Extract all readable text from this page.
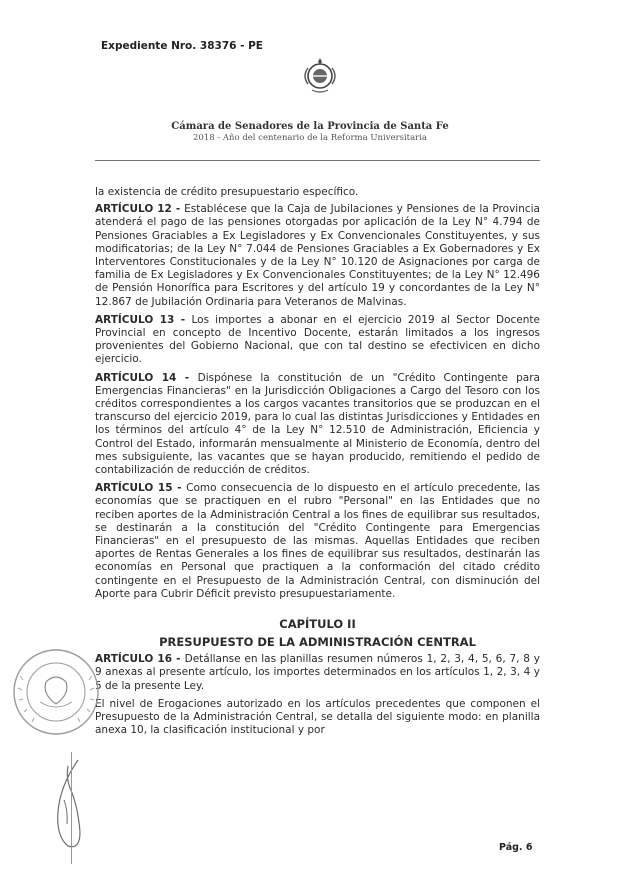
Expediente Nro. 38376 - PE
Cámara de Senadores de la Provincia de Santa Fe
2018 - Año del centenario de la Reforma Universitaria

la existencia de crédito presupuestario específico.

ARTÍCULO 12 - Establécese que la Caja de Jubilaciones y Pensiones de la Provincia atenderá el pago de las pensiones otorgadas por aplicación de la Ley N° 4.794 de Pensiones Graciables a Ex Legisladores y Ex Convencionales Constituyentes, y sus modificatorias; de la Ley N° 7.044 de Pensiones Graciables a Ex Gobernadores y Ex Interventores Constitucionales y de la Ley N° 10.120 de Asignaciones por carga de familia de Ex Legisladores y Ex Convencionales Constituyentes; de la Ley N° 12.496 de Pensión Honorífica para Escritores y del artículo 19 y concordantes de la Ley N° 12.867 de Jubilación Ordinaria para Veteranos de Malvinas.

ARTÍCULO 13 - Los importes a abonar en el ejercicio 2019 al Sector Docente Provincial en concepto de Incentivo Docente, estarán limitados a los ingresos provenientes del Gobierno Nacional, que con tal destino se efectivicen en dicho ejercicio.

ARTÍCULO 14 - Dispónese la constitución de un "Crédito Contingente para Emergencias Financieras" en la Jurisdicción Obligaciones a Cargo del Tesoro con los créditos correspondientes a los cargos vacantes transitorios que se produzcan en el transcurso del ejercicio 2019, para lo cual las distintas Jurisdicciones y Entidades en los términos del artículo 4° de la Ley N° 12.510 de Administración, Eficiencia y Control del Estado, informarán mensualmente al Ministerio de Economía, dentro del mes subsiguiente, las vacantes que se hayan producido, remitiendo el pedido de contabilización de reducción de créditos.

ARTÍCULO 15 - Como consecuencia de lo dispuesto en el artículo precedente, las economías que se practiquen en el rubro "Personal" en las Entidades que no reciben aportes de la Administración Central a los fines de equilibrar sus resultados, se destinarán a la constitución del "Crédito Contingente para Emergencias Financieras" en el presupuesto de las mismas. Aquellas Entidades que reciben aportes de Rentas Generales a los fines de equilibrar sus resultados, destinarán las economías en Personal que practiquen a la conformación del citado crédito contingente en el Presupuesto de la Administración Central, con disminución del Aporte para Cubrir Déficit previsto presupuestariamente.

CAPÍTULO II
PRESUPUESTO DE LA ADMINISTRACIÓN CENTRAL

ARTÍCULO 16 - Detállanse en las planillas resumen números 1, 2, 3, 4, 5, 6, 7, 8 y 9 anexas al presente artículo, los importes determinados en los artículos 1, 2, 3, 4 y 5 de la presente Ley.

El nivel de Erogaciones autorizado en los artículos precedentes que componen el Presupuesto de la Administración Central, se detalla del siguiente modo: en planilla anexa 10, la clasificación institucional y por

Pág. 6
